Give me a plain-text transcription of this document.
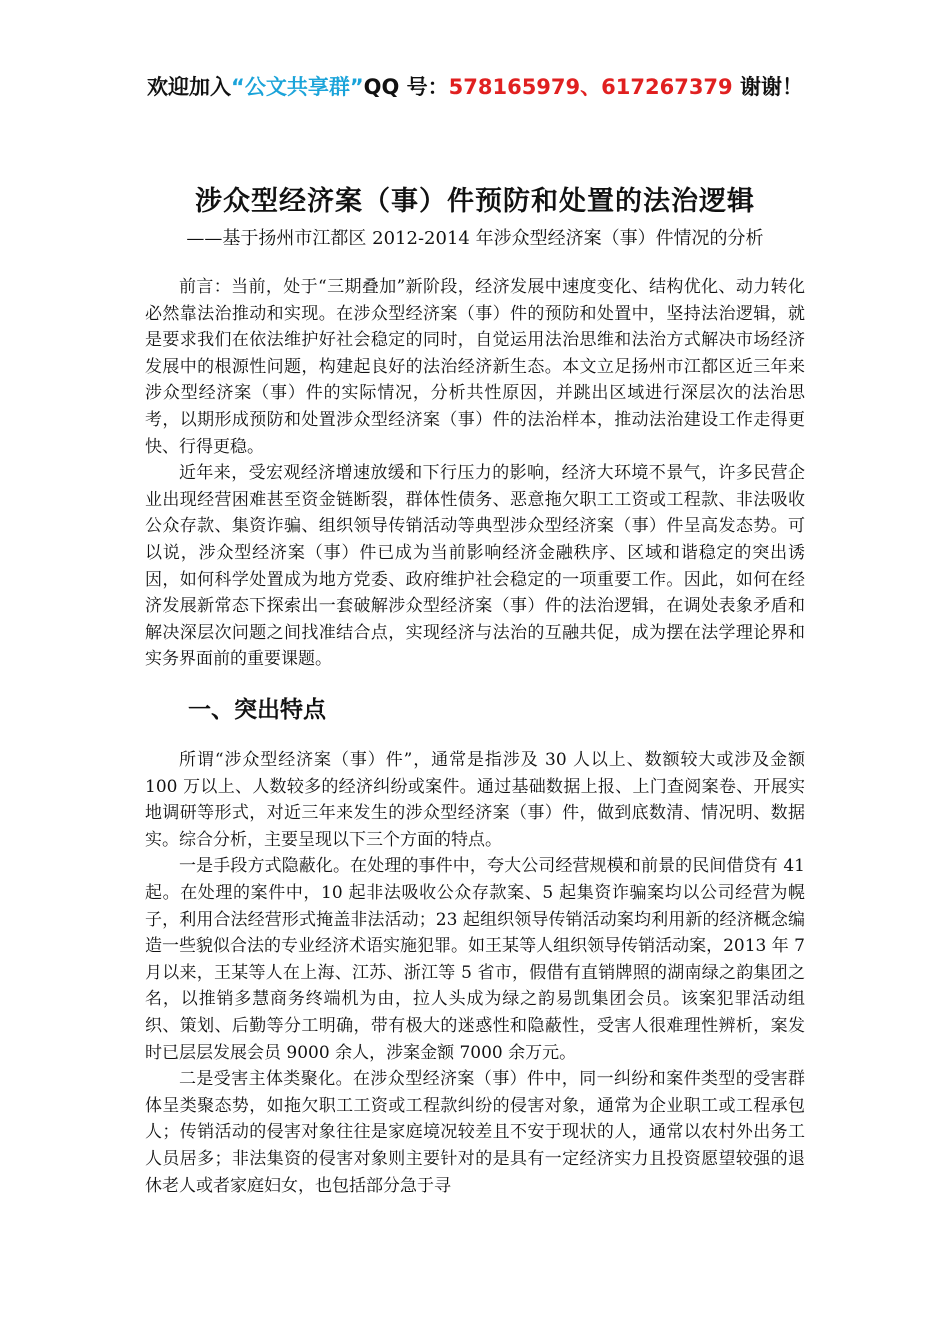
欢迎加入“公文共享群”QQ 号：578165979、617267379 谢谢！
涉众型经济案（事）件预防和处置的法治逻辑
——基于扬州市江都区 2012-2014 年涉众型经济案（事）件情况的分析

前言：当前，处于“三期叠加”新阶段，经济发展中速度变化、结构优化、动力转化必然靠法治推动和实现。在涉众型经济案（事）件的预防和处置中，坚持法治逻辑，就是要求我们在依法维护好社会稳定的同时，自觉运用法治思维和法治方式解决市场经济发展中的根源性问题，构建起良好的法治经济新生态。本文立足扬州市江都区近三年来涉众型经济案（事）件的实际情况，分析共性原因，并跳出区域进行深层次的法治思考，以期形成预防和处置涉众型经济案（事）件的法治样本，推动法治建设工作走得更快、行得更稳。

近年来，受宏观经济增速放缓和下行压力的影响，经济大环境不景气，许多民营企业出现经营困难甚至资金链断裂，群体性债务、恶意拖欠职工工资或工程款、非法吸收公众存款、集资诈骗、组织领导传销活动等典型涉众型经济案（事）件呈高发态势。可以说，涉众型经济案（事）件已成为当前影响经济金融秩序、区域和谐稳定的突出诱因，如何科学处置成为地方党委、政府维护社会稳定的一项重要工作。因此，如何在经济发展新常态下探索出一套破解涉众型经济案（事）件的法治逻辑，在调处表象矛盾和解决深层次问题之间找准结合点，实现经济与法治的互融共促，成为摆在法学理论界和实务界面前的重要课题。

一、突出特点

所谓“涉众型经济案（事）件”，通常是指涉及 30 人以上、数额较大或涉及金额 100 万以上、人数较多的经济纠纷或案件。通过基础数据上报、上门查阅案卷、开展实地调研等形式，对近三年来发生的涉众型经济案（事）件，做到底数清、情况明、数据实。综合分析，主要呈现以下三个方面的特点。

一是手段方式隐蔽化。在处理的事件中，夸大公司经营规模和前景的民间借贷有 41 起。在处理的案件中，10 起非法吸收公众存款案、5 起集资诈骗案均以公司经营为幌子，利用合法经营形式掩盖非法活动；23 起组织领导传销活动案均利用新的经济概念编造一些貌似合法的专业经济术语实施犯罪。如王某等人组织领导传销活动案，2013 年 7 月以来，王某等人在上海、江苏、浙江等 5 省市，假借有直销牌照的湖南绿之韵集团之名，以推销多慧商务终端机为由，拉人头成为绿之韵易凯集团会员。该案犯罪活动组织、策划、后勤等分工明确，带有极大的迷惑性和隐蔽性，受害人很难理性辨析，案发时已层层发展会员 9000 余人，涉案金额 7000 余万元。

二是受害主体类聚化。在涉众型经济案（事）件中，同一纠纷和案件类型的受害群体呈类聚态势，如拖欠职工工资或工程款纠纷的侵害对象，通常为企业职工或工程承包人；传销活动的侵害对象往往是家庭境况较差且不安于现状的人，通常以农村外出务工人员居多；非法集资的侵害对象则主要针对的是具有一定经济实力且投资愿望较强的退休老人或者家庭妇女，也包括部分急于寻
